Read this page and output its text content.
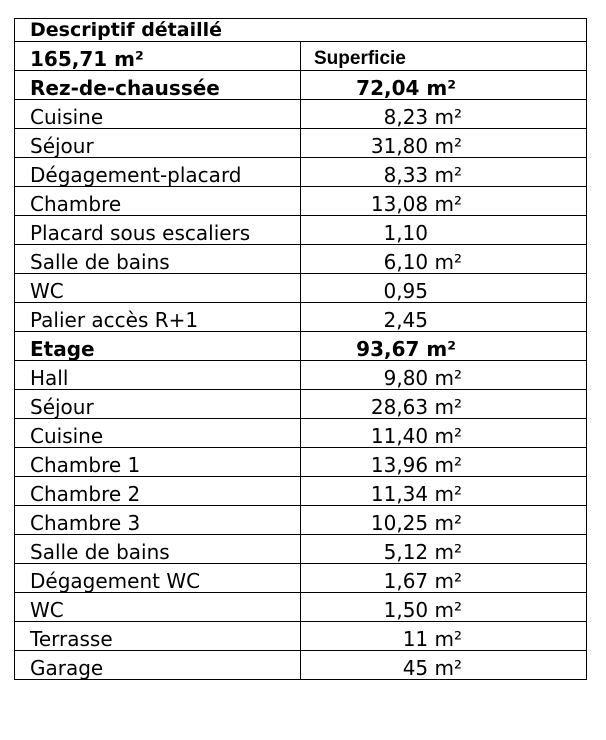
Descriptif détaillé	
165,71 m²	Superficie
Rez-de-chaussée	72,04 m²
Cuisine	8,23 m²
Séjour	31,80 m²
Dégagement-placard	8,33 m²
Chambre	13,08 m²
Placard sous escaliers	1,10
Salle de bains	6,10 m²
WC	0,95
Palier accès R+1	2,45
Etage	93,67 m²
Hall	9,80 m²
Séjour	28,63 m²
Cuisine	11,40 m²
Chambre 1	13,96 m²
Chambre 2	11,34 m²
Chambre 3	10,25 m²
Salle de bains	5,12 m²
Dégagement WC	1,67 m²
WC	1,50 m²
Terrasse	11 m²
Garage	45 m²
